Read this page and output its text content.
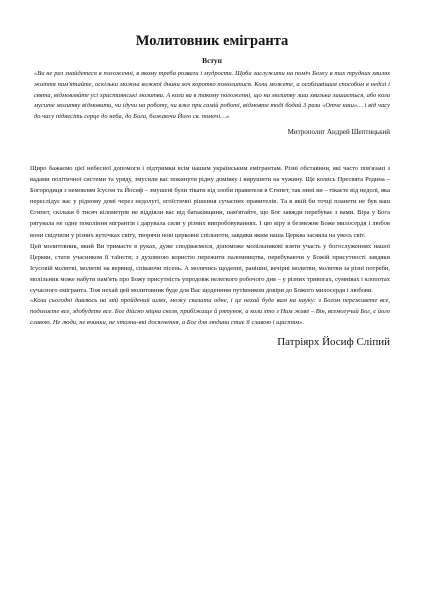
Молитовник емігранта
Вступ

«Ви не раз знайдетеся в положенні, в якому треба розваги і мудрости. Щоби заслужити на поміч Божу в тих трудних хвилях життя пам'ятайте, оскільки можна кожної днини хоч коротко помолитися. Коли можете, а особливішим способом в неділі і свята, відмовляйте усі християнські молитви. А коли ви в такому положенні, що на молитву лиш хвилька лишається, або коли мусите молитву відмовити, чи ідучи на роботу, чи вже при самій роботі, відмовте тоді бодай 3 рази «Отче наш»… і від часу до часу піднесіть серце до неба, до Бога, бажаючи Його св. помочі…»

Митрополит Андрей Шептицький

Щиро бажаємо цієї небесної допомоги і підтримки всім нашим українським емігрантам. Різні обставини, які часто пов'язані з вадами політичної системи та уряду, змусили вас покинути рідну домівку і вирушити на чужину. Ще колись Пресвята Родина – Богородиця з немовлям Ісусом та Йосиф – змушені були тікати від злоби правителя в Єгипет, так нині ви – тікаєте від недолі, яка переслідує вас у рідному домі через недолугі, егоїстичні рішення сучасних правителів. Та в якій би точці планети не був ваш Єгипет, скільки б тисяч кілометрів не віддіяли вас від батьківщини, пам'ятайте, що Бог завжди перебуває з вами. Віра у Бога рятувала не одне покоління мігрантів і дарувала сили у різних випробовуваннях. І цю віру в безмежне Боже милосердя і любов вони свідчили у різних куточках світу, творячи нові церковні спільноти, завдяки яким наша Церква засяяла на увесь світ.

Цей молитовник, який Ви тримаєте в руках, дуже сподіваємося, допоможе молільникові взяти участь у богослуженнях нашої Церкви, стати учасником її таїнств; з духовною користю пережити паломництва, перебуваючи у Божій присутності завдяки Ісусовій молитві, молитві на вервиці, співаючи пісень. А молячись щоденні, ранішні, вечірні молитви, молитви за різні потреби, молільник може набути пам'ять про Божу присутність упродовж нелегкого робочого дня – у різних тривогах, сумнівах і клопотах сучасного емігранта. Тож нехай цей молитовник буде для Вас щоденним путівником довіри до Божого милосердя і любови.

«Коли сьогодні дивлюсь на мій пройдений шлях, можу сказати одне, і це нехай буде вам на науку: з Богом переживете все, подолаєте все, здобудете все. Бог дійсно міцна скеля, прибіжище й рятунок, а коли хто з Ним живе – Він, всемогучий Бог, є його славою. Не люди, не вчинки, не хтозна-які досягнення, а Бог для людини стає її славою і щастям».

Патріярх Йосиф Сліпий
